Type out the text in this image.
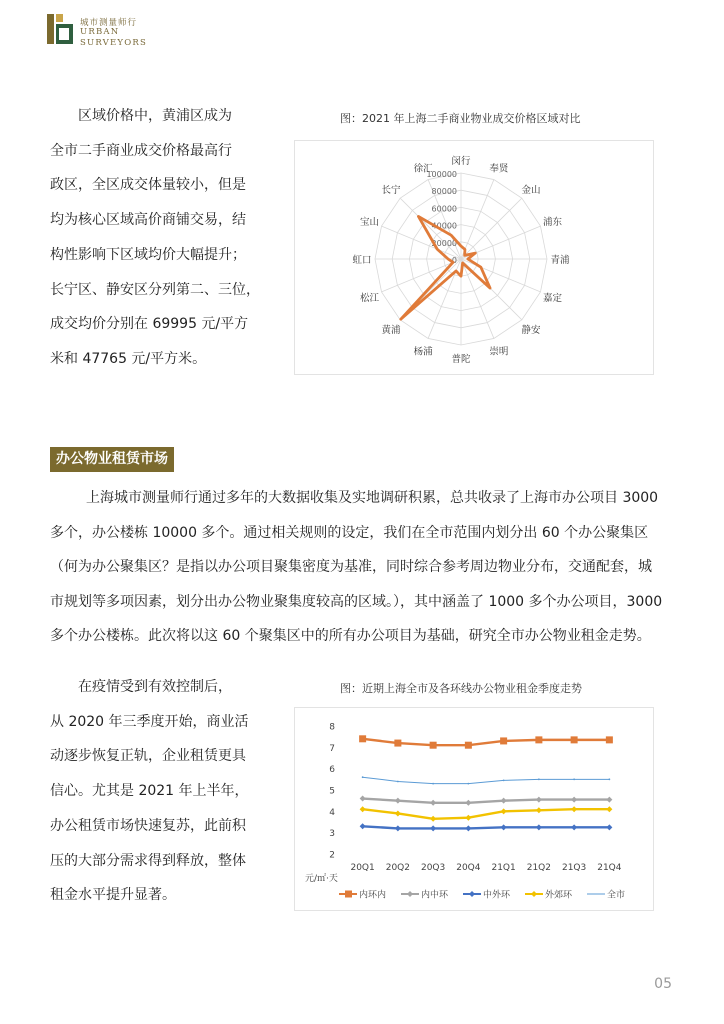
城市测量师行
URBAN
SURVEYORS
区域价格中，黄浦区成为
全市二手商业成交价格最高行
政区，全区成交体量较小，但是
均为核心区域高价商铺交易，结
构性影响下区域均价大幅提升；
长宁区、静安区分列第二、三位，
成交均价分别在 69995 元/平方
米和 47765 元/平方米。
图：2021 年上海二手商业物业成交价格区域对比
100000
80000
60000
40000
20000
0
闵行
奉贤
金山
浦东
青浦
嘉定
静安
崇明
普陀
杨浦
黄浦
松江
虹口
宝山
长宁
徐汇
办公物业租赁市场
上海城市测量师行通过多年的大数据收集及实地调研积累，总共收录了上海市办公项目 3000
多个，办公楼栋 10000 多个。通过相关规则的设定，我们在全市范围内划分出 60 个办公聚集区
（何为办公聚集区？是指以办公项目聚集密度为基准，同时综合参考周边物业分布，交通配套，城
市规划等多项因素，划分出办公物业聚集度较高的区域。），其中涵盖了 1000 多个办公项目，3000
多个办公楼栋。此次将以这 60 个聚集区中的所有办公项目为基础，研究全市办公物业租金走势。
在疫情受到有效控制后，
从 2020 年三季度开始，商业活
动逐步恢复正轨，企业租赁更具
信心。尤其是 2021 年上半年，
办公租赁市场快速复苏，此前积
压的大部分需求得到释放，整体
租金水平提升显著。
图：近期上海全市及各环线办公物业租金季度走势
8
7
6
5
4
3
2
20Q1 20Q2 20Q3 20Q4 21Q1 21Q2 21Q3 21Q4
元/㎡·天
内环内	内中环	中外环	外郊环	全市
05
